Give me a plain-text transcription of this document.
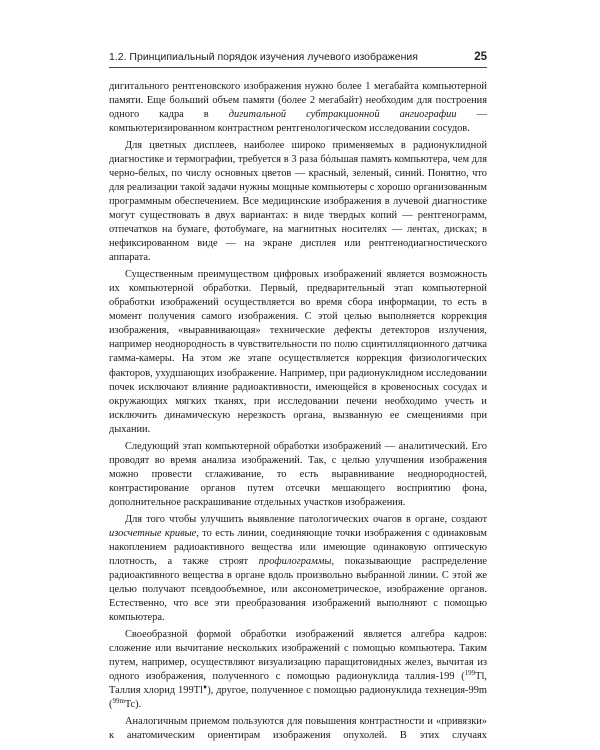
1.2. Принципиальный порядок изучения лучевого изображения	25

дигитального рентгеновского изображения нужно более 1 мегабайта компьютерной памяти. Еще больший объем памяти (более 2 мегабайт) необходим для построения одного кадра в дигитальной субтракционной ангиографии — компьютеризированном контрастном рентгенологическом исследовании сосудов.

Для цветных дисплеев, наиболее широко применяемых в радионуклидной диагностике и термографии, требуется в 3 раза бόльшая память компьютера, чем для черно-белых, по числу основных цветов — красный, зеленый, синий. Понятно, что для реализации такой задачи нужны мощные компьютеры с хорошо организованным программным обеспечением. Все медицинские изображения в лучевой диагностике могут существовать в двух вариантах: в виде твердых копий — рентгенограмм, отпечатков на бумаге, фотобумаге, на магнитных носителях — лентах, дисках; в нефиксированном виде — на экране дисплея или рентгенодиагностического аппарата.

Существенным преимуществом цифровых изображений является возможность их компьютерной обработки. Первый, предварительный этап компьютерной обработки изображений осуществляется во время сбора информации, то есть в момент получения самого изображения. С этой целью выполняется коррекция изображения, «выравнивающая» технические дефекты детекторов излучения, например неоднородность в чувствительности по полю сцинтилляционного датчика гамма-камеры. На этом же этапе осуществляется коррекция физиологических факторов, ухудшающих изображение. Например, при радионуклидном исследовании почек исключают влияние радиоактивности, имеющейся в кровеносных сосудах и окружающих мягких тканях, при исследовании печени необходимо учесть и исключить динамическую нерезкость органа, вызванную ее смещениями при дыхании.

Следующий этап компьютерной обработки изображений — аналитический. Его проводят во время анализа изображений. Так, с целью улучшения изображения можно провести сглаживание, то есть выравнивание неоднородностей, контрастирование органов путем отсечки мешающего восприятию фона, дополнительное раскрашивание отдельных участков изображения.

Для того чтобы улучшить выявление патологических очагов в органе, создают изосчетные кривые, то есть линии, соединяющие точки изображения с одинаковым накоплением радиоактивного вещества или имеющие одинаковую оптическую плотность, а также строят профилограммы, показывающие распределение радиоактивного вещества в органе вдоль произвольно выбранной линии. С этой же целью получают псевдообъемное, или аксонометрическое, изображение органов. Естественно, что все эти преобразования изображений выполняют с помощью компьютера.

Своеобразной формой обработки изображений является алгебра кадров: сложение или вычитание нескольких изображений с помощью компьютера. Таким путем, например, осуществляют визуализацию паращитовидных желез, вычитая из одного изображения, полученного с помощью радионуклида таллия-199 ($^{199}$Tl, Таллия хлорид 199Tl♦), другое, полученное с помощью радионуклида технеция-99m ($^{99m}$Tc).

Аналогичным приемом пользуются для повышения контрастности и «привязки» к анатомическим ориентирам изображения опухолей. В этих случаях
